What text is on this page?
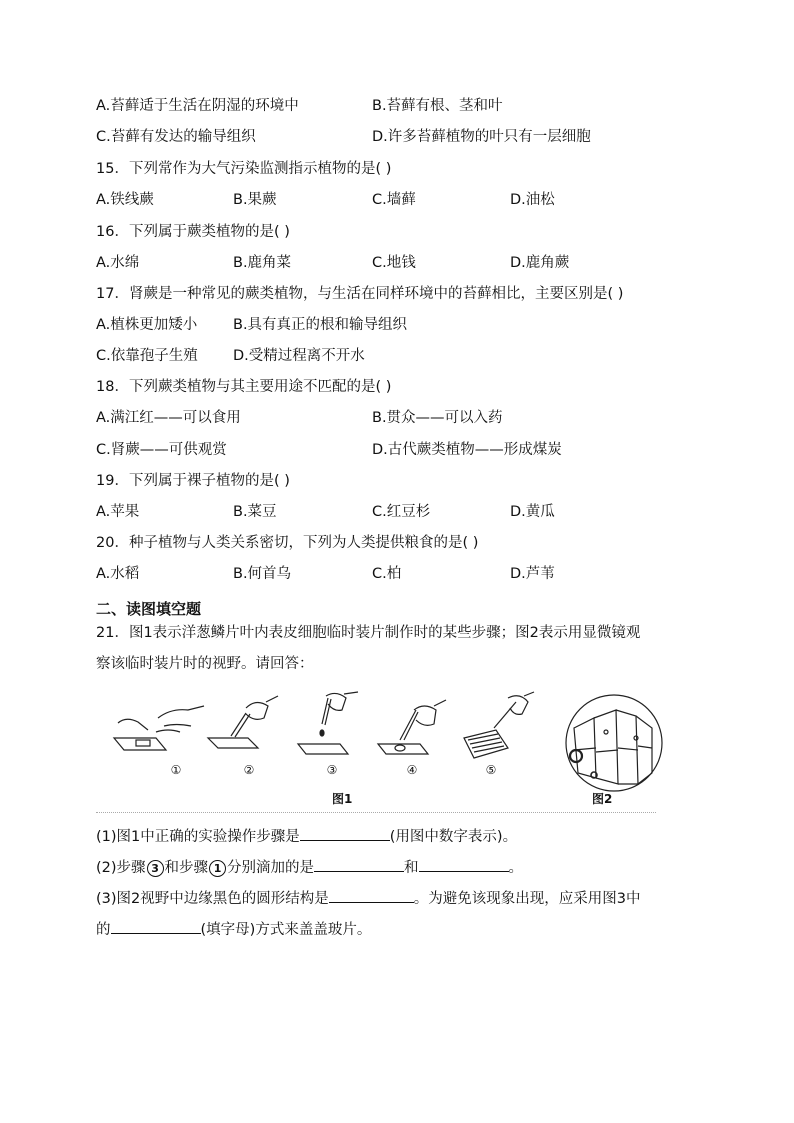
A.苔藓适于生活在阴湿的环境中	B.苔藓有根、茎和叶
C.苔藓有发达的输导组织	D.许多苔藓植物的叶只有一层细胞
15．下列常作为大气污染监测指示植物的是( )
A.铁线蕨	B.果蕨	C.墙藓	D.油松
16．下列属于蕨类植物的是( )
A.水绵	B.鹿角菜	C.地钱	D.鹿角蕨
17．肾蕨是一种常见的蕨类植物，与生活在同样环境中的苔藓相比，主要区别是( )
A.植株更加矮小 B.具有真正的根和输导组织
C.依靠孢子生殖 D.受精过程离不开水
18．下列蕨类植物与其主要用途不匹配的是( )
A.满江红——可以食用	B.贯众——可以入药
C.肾蕨——可供观赏	D.古代蕨类植物——形成煤炭
19．下列属于裸子植物的是( )
A.苹果	B.菜豆	C.红豆杉	D.黄瓜
20．种子植物与人类关系密切，下列为人类提供粮食的是( )
A.水稻	B.何首乌	C.柏	D.芦苇
二、读图填空题
21．图1表示洋葱鳞片叶内表皮细胞临时装片制作时的某些步骤；图2表示用显微镜观
察该临时装片时的视野。请回答：
①	②	③	④	⑤
图1	图2
(1)图1中正确的实验操作步骤是	(用图中数字表示)。
(2)步骤 3 和步骤 1 分别滴加的是	和	。
(3)图2视野中边缘黑色的圆形结构是	。为避免该现象出现，应采用图3中
的	(填字母)方式来盖盖玻片。
